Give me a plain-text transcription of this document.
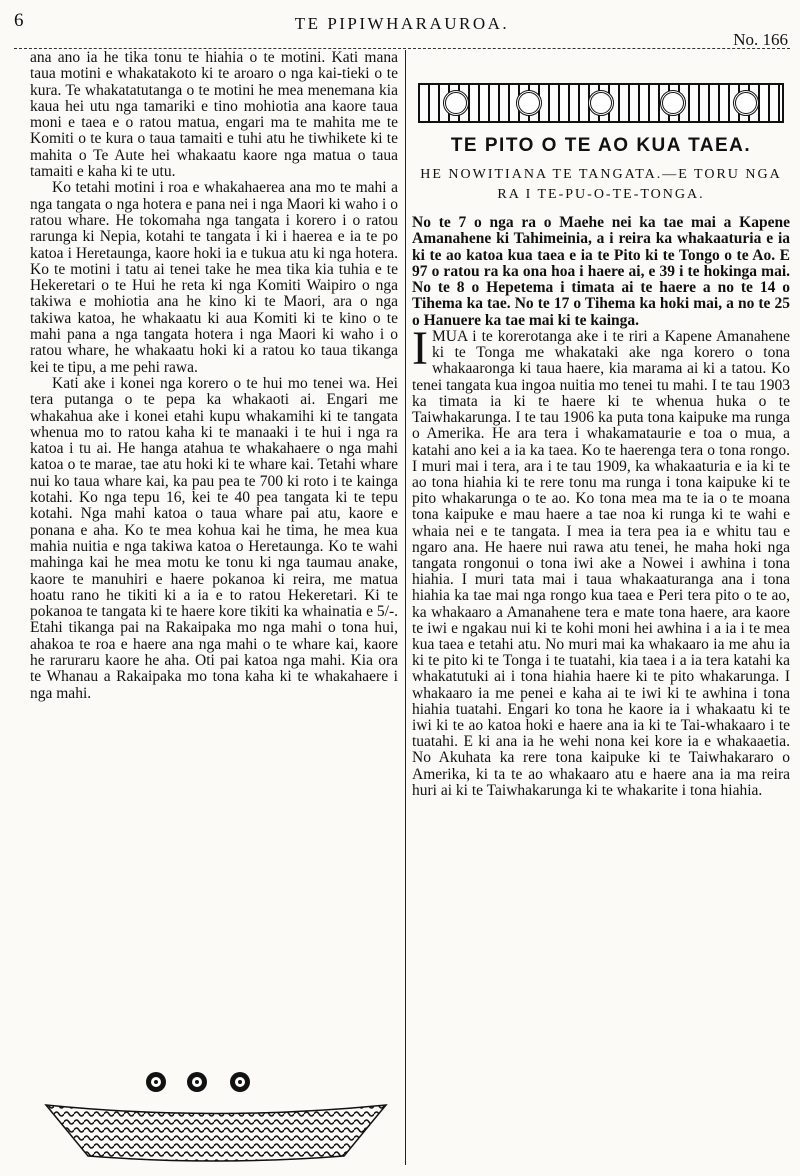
6	TE PIPIWHARAUROA.
No. 166

ana ano ia he tika tonu te hiahia o te motini. Kati mana taua motini e whakatakoto ki te aroaro o nga kai-tieki o te kura. Te whakatatutanga o te motini he mea menemana kia kaua hei utu nga tamariki e tino mohiotia ana kaore taua moni e taea e o ratou matua, engari ma te mahita me te Komiti o te kura o taua tamaiti e tuhi atu he tiwhikete ki te mahita o Te Aute hei whakaatu kaore nga matua o taua tamaiti e kaha ki te utu.

Ko tetahi motini i roa e whakahaerea ana mo te mahi a nga tangata o nga hotera e pana nei i nga Maori ki waho i o ratou whare. He tokomaha nga tangata i korero i o ratou rarunga ki Nepia, kotahi te tangata i ki i haerea e ia te po katoa i Heretaunga, kaore hoki ia e tukua atu ki nga hotera. Ko te motini i tatu ai tenei take he mea tika kia tuhia e te Hekeretari o te Hui he reta ki nga Komiti Waipiro o nga takiwa e mohiotia ana he kino ki te Maori, ara o nga takiwa katoa, he whakaatu ki aua Komiti ki te kino o te mahi pana a nga tangata hotera i nga Maori ki waho i o ratou whare, he whakaatu hoki ki a ratou ko taua tikanga kei te tipu, a me pehi rawa.

Kati ake i konei nga korero o te hui mo tenei wa. Hei tera putanga o te pepa ka whakaoti ai. Engari me whakahua ake i konei etahi kupu whakamihi ki te tangata whenua mo to ratou kaha ki te manaaki i te hui i nga ra katoa i tu ai. He hanga atahua te whakahaere o nga mahi katoa o te marae, tae atu hoki ki te whare kai. Tetahi whare nui ko taua whare kai, ka pau pea te 700 ki roto i te kainga kotahi. Ko nga tepu 16, kei te 40 pea tangata ki te tepu kotahi. Nga mahi katoa o taua whare pai atu, kaore e ponana e aha. Ko te mea kohua kai he tima, he mea kua mahia nuitia e nga takiwa katoa o Heretaunga. Ko te wahi mahinga kai he mea motu ke tonu ki nga taumau anake, kaore te manuhiri e haere pokanoa ki reira, me matua hoatu rano he tikiti ki a ia e to ratou Hekeretari. Ki te pokanoa te tangata ki te haere kore tikiti ka whainatia e 5/-. Etahi tikanga pai na Rakaipaka mo nga mahi o tona hui, ahakoa te roa e haere ana nga mahi o te whare kai, kaore he raruraru kaore he aha. Oti pai katoa nga mahi. Kia ora te Whanau a Rakaipaka mo tona kaha ki te whakahaere i nga mahi.

TE PITO O TE AO KUA TAEA.
HE NOWITIANA TE TANGATA.—E TORU NGA RA I TE-PU-O-TE-TONGA.

No te 7 o nga ra o Maehe nei ka tae mai a Kapene Amanahene ki Tahimeinia, a i reira ka whakaaturia e ia ki te ao katoa kua taea e ia te Pito ki te Tongo o te Ao. E 97 o ratou ra ka ona hoa i haere ai, e 39 i te hokinga mai. No te 8 o Hepetema i timata ai te haere a no te 14 o Tihema ka tae. No te 17 o Tihema ka hoki mai, a no te 25 o Hanuere ka tae mai ki te kainga.

IMUA i te korerotanga ake i te riri a Kapene Amanahene ki te Tonga me whakataki ake nga korero o tona whakaaronga ki taua haere, kia marama ai ki a tatou. Ko tenei tangata kua ingoa nuitia mo tenei tu mahi. I te tau 1903 ka timata ia ki te haere ki te whenua huka o te Taiwhakarunga. I te tau 1906 ka puta tona kaipuke ma runga o Amerika. He ara tera i whakamataurie e toa o mua, a katahi ano kei a ia ka taea. Ko te haerenga tera o tona rongo. I muri mai i tera, ara i te tau 1909, ka whakaaturia e ia ki te ao tona hiahia ki te rere tonu ma runga i tona kaipuke ki te pito whakarunga o te ao. Ko tona mea ma te ia o te moana tona kaipuke e mau haere a tae noa ki runga ki te wahi e whaia nei e te tangata. I mea ia tera pea ia e whitu tau e ngaro ana. He haere nui rawa atu tenei, he maha hoki nga tangata rongonui o tona iwi ake a Nowei i awhina i tona hiahia. I muri tata mai i taua whakaaturanga ana i tona hiahia ka tae mai nga rongo kua taea e Peri tera pito o te ao, ka whakaaro a Amanahene tera e mate tona haere, ara kaore te iwi e ngakau nui ki te kohi moni hei awhina i a ia i te mea kua taea e tetahi atu. No muri mai ka whakaaro ia me ahu ia ki te pito ki te Tonga i te tuatahi, kia taea i a ia tera katahi ka whakatutuki ai i tona hiahia haere ki te pito whakarunga. I whakaaro ia me penei e kaha ai te iwi ki te awhina i tona hiahia tuatahi. Engari ko tona he kaore ia i whakaatu ki te iwi ki te ao katoa hoki e haere ana ia ki te Tai-whakaaro i te tuatahi. E ki ana ia he wehi nona kei kore ia e whakaaetia. No Akuhata ka rere tona kaipuke ki te Taiwhakararo o Amerika, ki ta te ao whakaaro atu e haere ana ia ma reira huri ai ki te Taiwhakarunga ki te whakarite i tona hiahia.
